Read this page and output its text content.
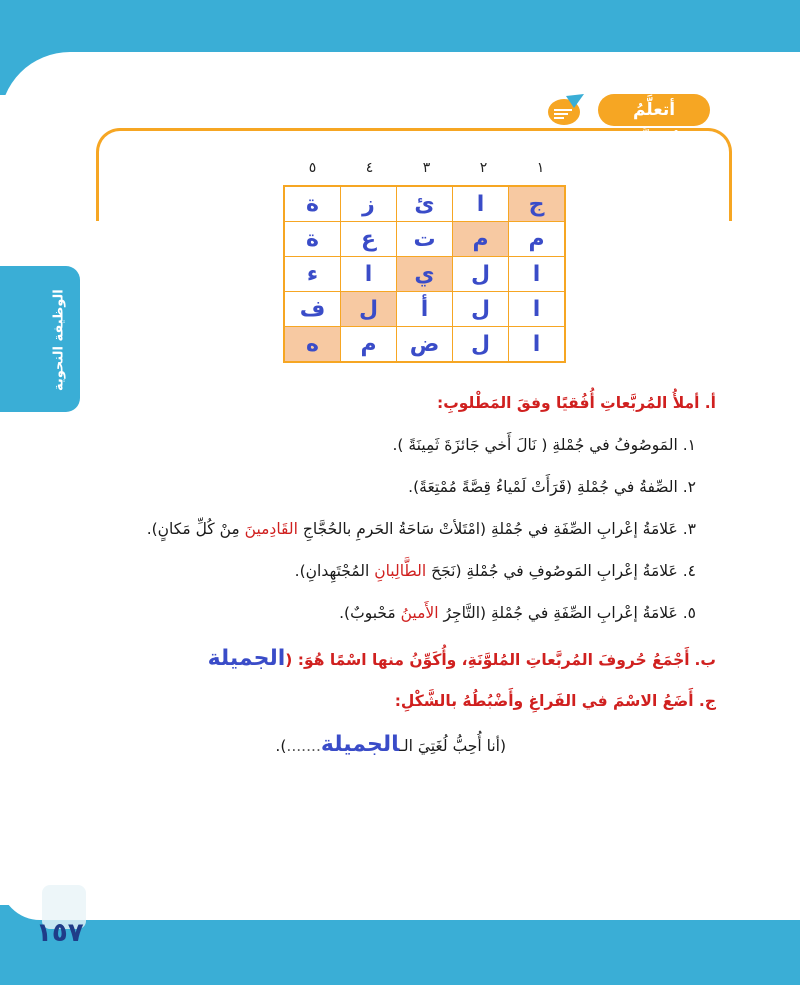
الوظيفة النحوية
أتعلَّمُ وأتسلَّى:
١
٢
٣
٤
٥
ج	ا	ئ	ز	ة
م	م	ت	ع	ة
ا	ل	ي	ا	ء
ا	ل	أ	ل	ف
ا	ل	ض	م	ه
أ. أملأُ المُربَّعاتِ أُفُقيًا وفقَ المَطْلوبِ:
١. المَوصُوفُ في جُمْلةِ ( نَالَ أَخي جَائزَةَ ثَمِينَةً ).
٢. الصِّفةُ في جُمْلةِ (قَرَأَتْ لَمْياءُ قِصَّةً مُمْتِعَةً).
٣. عَلامَةُ إعْرابِ الصِّفَةِ في جُمْلةِ (امْتَلأتْ سَاحَةُ الحَرمِ بالحُجَّاجِ القَادِمينَ مِنْ كُلِّ مَكانٍ).
٤. عَلامَةُ إعْرابِ المَوصُوفِ في جُمْلةِ (نَجَحَ الطَّالِبانِ المُجْتَهِدانِ).
٥. عَلامَةُ إعْرابِ الصِّفَةِ في جُمْلةِ (التَّاجِرُ الأَمينُ مَحْبوبٌ).
ب. أَجْمَعُ حُروفَ المُربَّعاتِ المُلوَّنَةِ، وأُكَوِّنُ منها اسْمًا هُوَ: (الجميلة
ج. أَضَعُ الاسْمَ في الفَراغِ وأَضْبُطُهُ بالشَّكْلِ:
(أنا أُحِبُّ لُغَتِيَ الـالجميلة.......).
١٥٧
